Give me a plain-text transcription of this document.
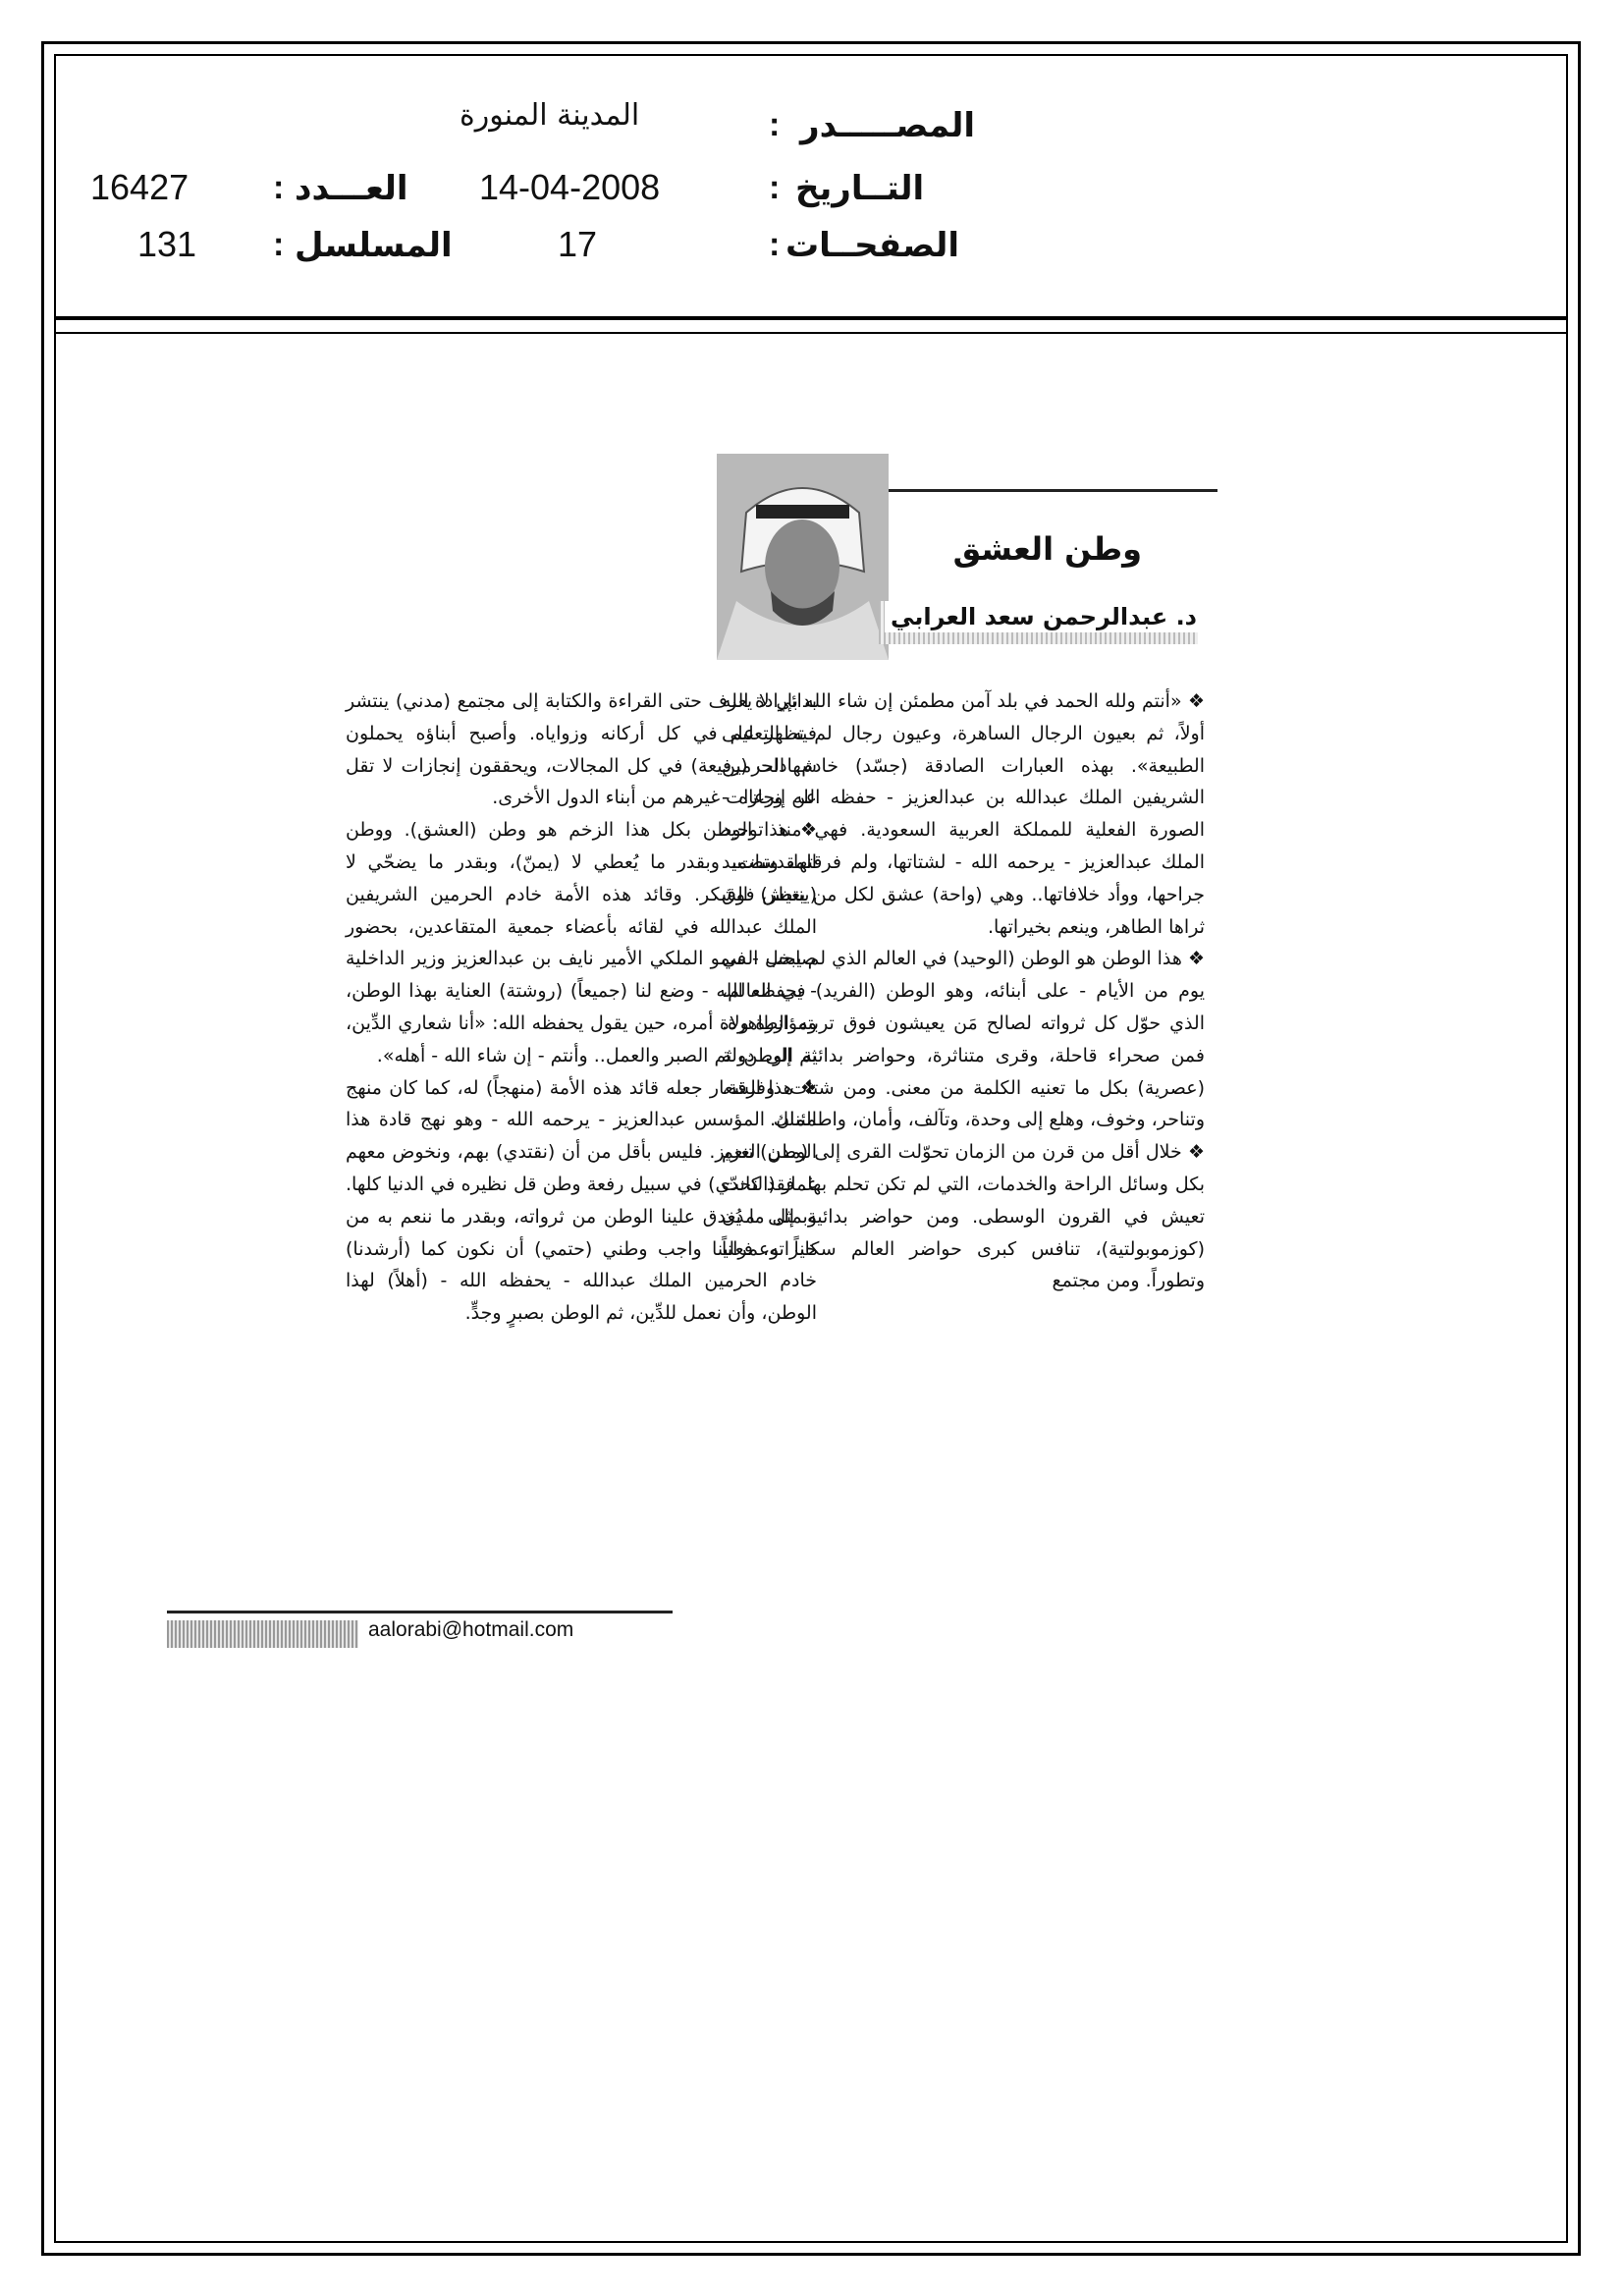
المصـــــدر
:
المدينة المنورة
التــاريخ
:
14-04-2008
العـــدد
:
16427
الصفحــات
:
17
المسلسل
:
131
وطن العشق
د. عبدالرحمن سعد العرابي

❖ «أنتم ولله الحمد في بلد آمن مطمئن إن شاء الله بإرادة الله أولاً، ثم بعيون الرجال الساهرة، وعيون رجال لم تظهر على الطبيعة». بهذه العبارات الصادقة (جسّد) خادم الحرمين الشريفين الملك عبدالله بن عبدالعزيز - حفظه الله ورعاه - الصورة الفعلية للمملكة العربية السعودية. فهي منذ توحيد الملك عبدالعزيز - يرحمه الله - لشتاتها، ولم فرقتها، وتضميد جراحها، ووأد خلافاتها.. وهي (واحة) عشق لكل من يعيش فوق ثراها الطاهر، وينعم بخيراتها.

❖ هذا الوطن هو الوطن (الوحيد) في العالم الذي لم يبخل - في يوم من الأيام - على أبنائه، وهو الوطن (الفريد) في العالم، الذي حوّل كل ثرواته لصالح مَن يعيشون فوق تربته الطاهرة. فمن صحراء قاحلة، وقرى متناثرة، وحواضر بدائية إلى دولة (عصرية) بكل ما تعنيه الكلمة من معنى. ومن شتات، وفرقة، وتناحر، وخوف، وهلع إلى وحدة، وتآلف، وأمان، واطمئنان.

❖ خلال أقل من قرن من الزمان تحوّلت القرى إلى (مدن) تنعم بكل وسائل الراحة والخدمات، التي لم تكن تحلم بها. فقد كانت تعيش في القرون الوسطى. ومن حواضر بدائية إلى مدن (كوزموبولتية)، تنافس كبرى حواضر العالم سكاناً وعمراناً وتطوراً. ومن مجتمع

بدائي لا يعرف حتى القراءة والكتابة إلى مجتمع (مدني) ينتشر فيه التعليم في كل أركانه وزواياه. وأصبح أبناؤه يحملون شهادات (رفيعة) في كل المجالات، ويحققون إنجازات لا تقل عن إنجازات غيرهم من أبناء الدول الأخرى.

❖ هذا الوطن بكل هذا الزخم هو وطن (العشق). ووطن المقدسات، وبقدر ما يُعطي لا (يمنّ)، وبقدر ما يضحّي لا (ينتظر) الشكر. وقائد هذه الأمة خادم الحرمين الشريفين الملك عبدالله في لقائه بأعضاء جمعية المتقاعدين، بحضور صاحب السمو الملكي الأمير نايف بن عبدالعزيز وزير الداخلية - يحفظه الله - وضع لنا (جميعاً) (روشتة) العناية بهذا الوطن، ومؤازرة ولاة أمره، حين يقول يحفظه الله: «أنا شعاري الدِّين، ثم الوطن، ثم الصبر والعمل.. وأنتم - إن شاء الله - أهله».

❖ هذا الشعار جعله قائد هذه الأمة (منهجاً) له، كما كان منهج الملك المؤسس عبدالعزيز - يرحمه الله - وهو نهج قادة هذا الوطن العزيز. فليس بأقل من أن (نقتدي) بهم، ونخوض معهم غمار (التحدّي) في سبيل رفعة وطن قل نظيره في الدنيا كلها. وبمثل ما يُغدق علينا الوطن من ثرواته، وبقدر ما ننعم به من خيراته، فعلينا واجب وطني (حتمي) أن نكون كما (أرشدنا) خادم الحرمين الملك عبدالله - يحفظه الله - (أهلاً) لهذا الوطن، وأن نعمل للدِّين، ثم الوطن بصبرٍ وجدٍّ.

aalorabi@hotmail.com
